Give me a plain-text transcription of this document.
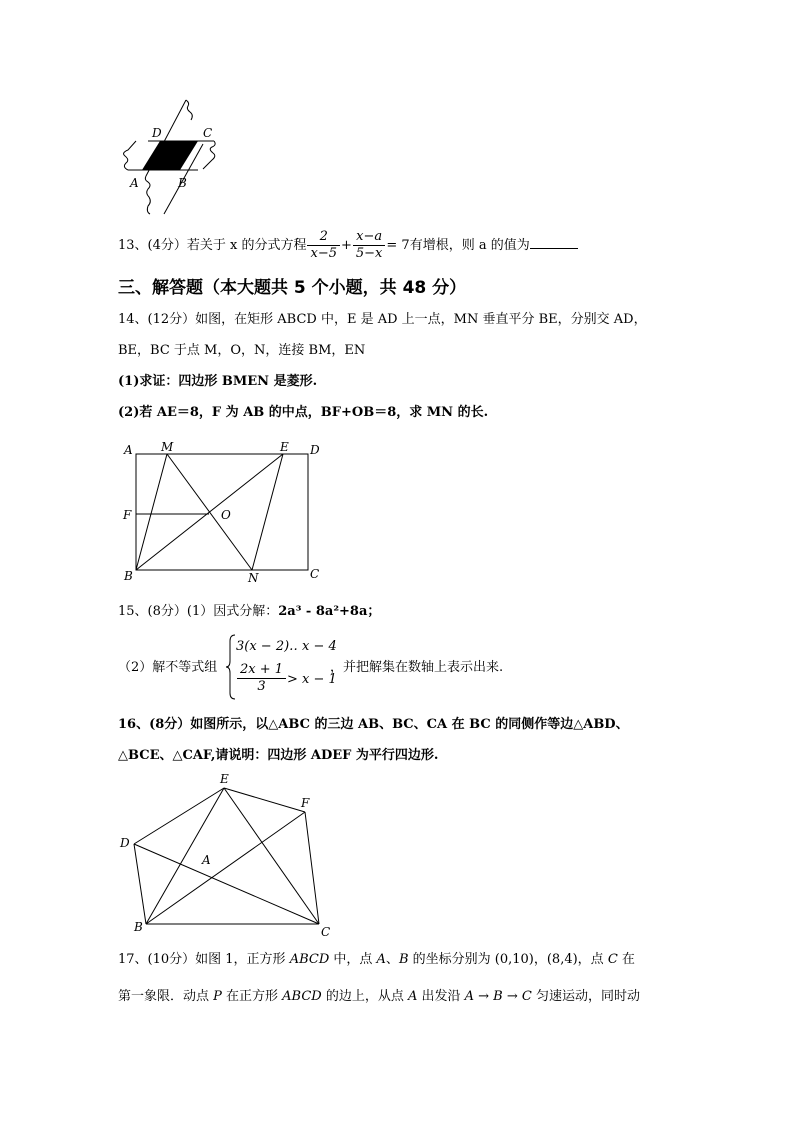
D	C
A	B
13、(4分）若关于 x 的分式方程 $\frac{2}{x-5} + \frac{x-a}{5-x} = 7$有增根，则 a 的值为
三、解答题（本大题共 5 个小题，共 48 分）
14、(12分）如图，在矩形 ABCD 中，E 是 AD 上一点，MN 垂直平分 BE，分别交 AD，
BE，BC 于点 M，O，N，连接 BM，EN
(1)求证：四边形 BMEN 是菱形.
(2)若 AE＝8，F 为 AB 的中点，BF+OB＝8，求 MN 的长.
A M	E D
F	O
B	N	C
15、(8分）(1）因式分解：2a³ - 8a²+8a；
（2）解不等式组
3(x − 2)‥ x − 4
$\frac{2x + 1}{3} > x - 1$
，并把解集在数轴上表示出来.
16、(8分）如图所示，以△ABC 的三边 AB、BC、CA 在 BC 的同侧作等边△ABD、
△BCE、△CAF,请说明：四边形 ADEF 为平行四边形.
E
F
D
A
B	C
17、(10分）如图 1，正方形 ABCD 中，点 A、B 的坐标分别为 (0,10)，(8,4)，点 C 在
第一象限．动点 P 在正方形 ABCD 的边上，从点 A 出发沿 A → B → C 匀速运动，同时动
